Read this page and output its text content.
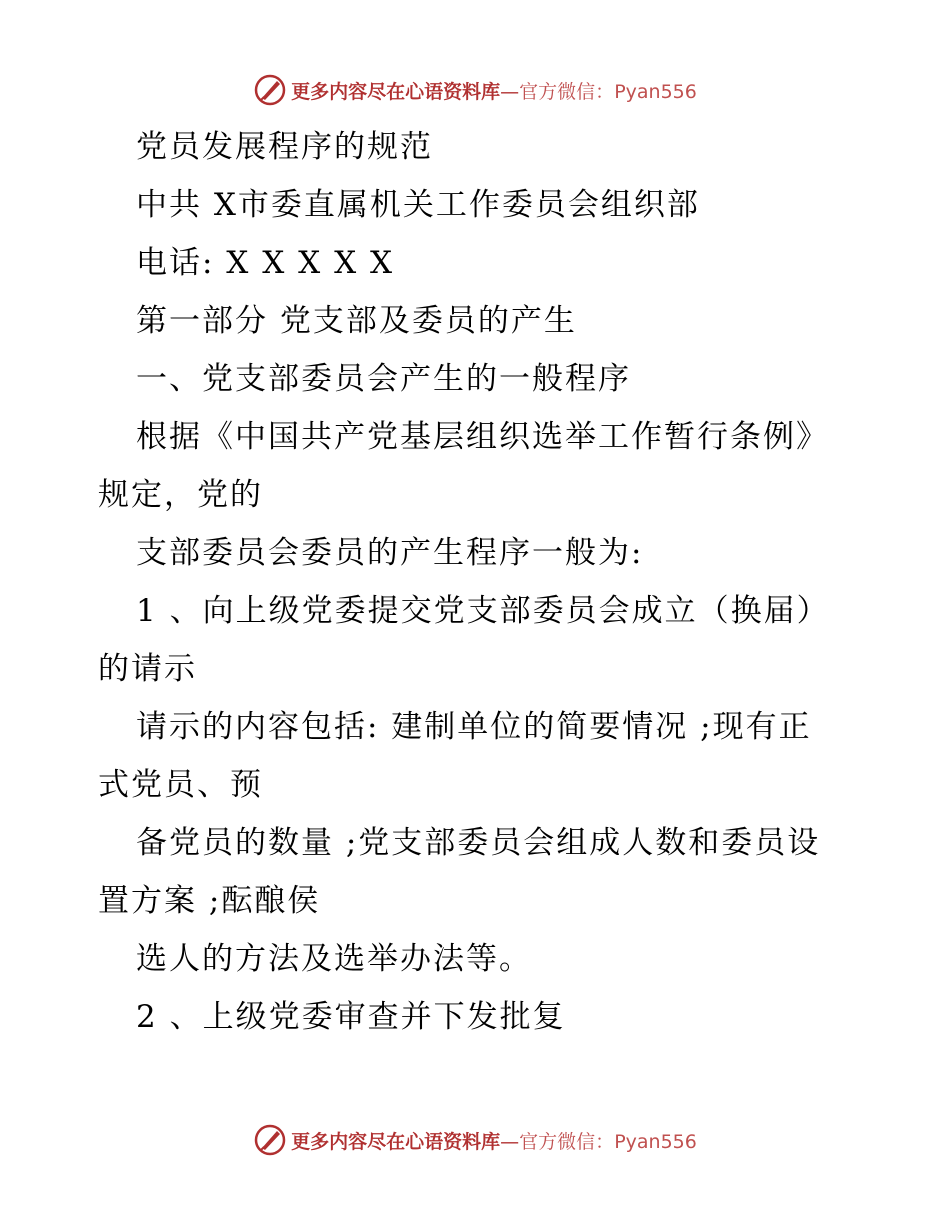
更多内容尽在心语资料库—官方微信：Pyan556
党员发展程序的规范
中共 X市委直属机关工作委员会组织部
电话: X X X X X
第一部分 党支部及委员的产生
一、党支部委员会产生的一般程序
根据《中国共产党基层组织选举工作暂行条例》
规定，党的
支部委员会委员的产生程序一般为:
1 、向上级党委提交党支部委员会成立（换届）
的请示
请示的内容包括: 建制单位的简要情况 ;现有正
式党员、预
备党员的数量 ;党支部委员会组成人数和委员设
置方案 ;酝酿侯
选人的方法及选举办法等。
2 、上级党委审查并下发批复
更多内容尽在心语资料库—官方微信：Pyan556
